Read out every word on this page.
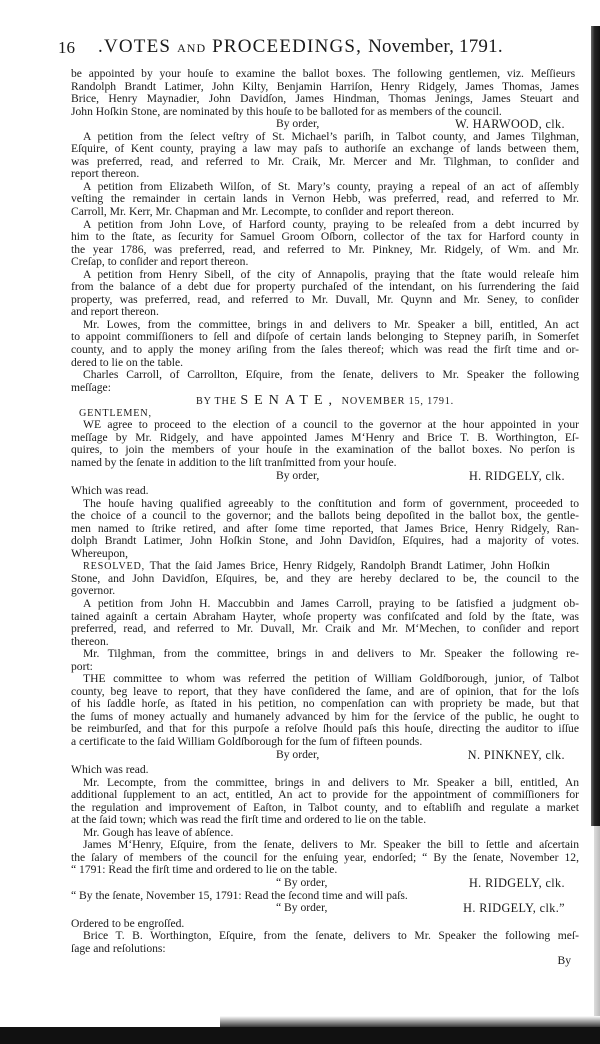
16 .VOTES AND PROCEEDINGS, November, 1791.
be appointed by your houſe to examine the ballot boxes. The following gentlemen, viz. Meſſieurs
Randolph Brandt Latimer, John Kilty, Benjamin Harriſon, Henry Ridgely, James Thomas, James
Brice, Henry Maynadier, John Davidſon, James Hindman, Thomas Jenings, James Steuart and
John Hoſkin Stone, are nominated by this houſe to be balloted for as members of the council.
By order,	W. HARWOOD, clk.
A petition from the ſelect veſtry of St. Michael’s pariſh, in Talbot county, and James Tilghman,
Eſquire, of Kent county, praying a law may paſs to authoriſe an exchange of lands between them,
was preferred, read, and referred to Mr. Craik, Mr. Mercer and Mr. Tilghman, to conſider and
report thereon.
A petition from Elizabeth Wilſon, of St. Mary’s county, praying a repeal of an act of aſſembly
veſting the remainder in certain lands in Vernon Hebb, was preferred, read, and referred to Mr.
Carroll, Mr. Kerr, Mr. Chapman and Mr. Lecompte, to conſider and report thereon.
A petition from John Love, of Harford county, praying to be releaſed from a debt incurred by
him to the ſtate, as ſecurity for Samuel Groom Oſborn, collector of the tax for Harford county in
the year 1786, was preferred, read, and referred to Mr. Pinkney, Mr. Ridgely, of Wm. and Mr.
Creſap, to conſider and report thereon.
A petition from Henry Sibell, of the city of Annapolis, praying that the ſtate would releaſe him
from the balance of a debt due for property purchaſed of the intendant, on his ſurrendering the ſaid
property, was preferred, read, and referred to Mr. Duvall, Mr. Quynn and Mr. Seney, to conſider
and report thereon.
Mr. Lowes, from the committee, brings in and delivers to Mr. Speaker a bill, entitled, An act
to appoint commiſſioners to ſell and diſpoſe of certain lands belonging to Stepney pariſh, in Somerſet
county, and to apply the money ariſing from the ſales thereof; which was read the firſt time and or-
dered to lie on the table.
Charles Carroll, of Carrollton, Eſquire, from the ſenate, delivers to Mr. Speaker the following
meſſage:
BY THE SENATE, NOVEMBER 15, 1791.
GENTLEMEN,
WE agree to proceed to the election of a council to the governor at the hour appointed in your
meſſage by Mr. Ridgely, and have appointed James M‘Henry and Brice T. B. Worthington, Eſ-
quires, to join the members of your houſe in the examination of the ballot boxes. No perſon is
named by the ſenate in addition to the liſt tranſmitted from your houſe.
By order,	H. RIDGELY, clk.
Which was read.
The houſe having qualified agreeably to the conſtitution and form of government, proceeded to
the choice of a council to the governor; and the ballots being depoſited in the ballot box, the gentle-
men named to ſtrike retired, and after ſome time reported, that James Brice, Henry Ridgely, Ran-
dolph Brandt Latimer, John Hoſkin Stone, and John Davidſon, Eſquires, had a majority of votes.
Whereupon,
RESOLVED, That the ſaid James Brice, Henry Ridgely, Randolph Brandt Latimer, John Hoſkin
Stone, and John Davidſon, Eſquires, be, and they are hereby declared to be, the council to the
governor.
A petition from John H. Maccubbin and James Carroll, praying to be ſatisfied a judgment ob-
tained againſt a certain Abraham Hayter, whoſe property was confiſcated and ſold by the ſtate, was
preferred, read, and referred to Mr. Duvall, Mr. Craik and Mr. M‘Mechen, to conſider and report
thereon.
Mr. Tilghman, from the committee, brings in and delivers to Mr. Speaker the following re-
port:
THE committee to whom was referred the petition of William Goldſborough, junior, of Talbot
county, beg leave to report, that they have conſidered the ſame, and are of opinion, that for the loſs
of his ſaddle horſe, as ſtated in his petition, no compenſation can with propriety be made, but that
the ſums of money actually and humanely advanced by him for the ſervice of the public, he ought to
be reimburſed, and that for this purpoſe a reſolve ſhould paſs this houſe, directing the auditor to iſſue
a certificate to the ſaid William Goldſborough for the ſum of fifteen pounds.
By order,	N. PINKNEY, clk.
Which was read.
Mr. Lecompte, from the committee, brings in and delivers to Mr. Speaker a bill, entitled, An
additional ſupplement to an act, entitled, An act to provide for the appointment of commiſſioners for
the regulation and improvement of Eaſton, in Talbot county, and to eſtabliſh and regulate a market
at the ſaid town; which was read the firſt time and ordered to lie on the table.
Mr. Gough has leave of abſence.
James M‘Henry, Eſquire, from the ſenate, delivers to Mr. Speaker the bill to ſettle and aſcertain
the ſalary of members of the council for the enſuing year, endorſed; “ By the ſenate, November 12,
“ 1791: Read the firſt time and ordered to lie on the table.
“ By order,	H. RIDGELY, clk.
“ By the ſenate, November 15, 1791: Read the ſecond time and will paſs.
“ By order,	H. RIDGELY, clk.”
Ordered to be engroſſed.
Brice T. B. Worthington, Eſquire, from the ſenate, delivers to Mr. Speaker the following meſ-
ſage and reſolutions:
By
